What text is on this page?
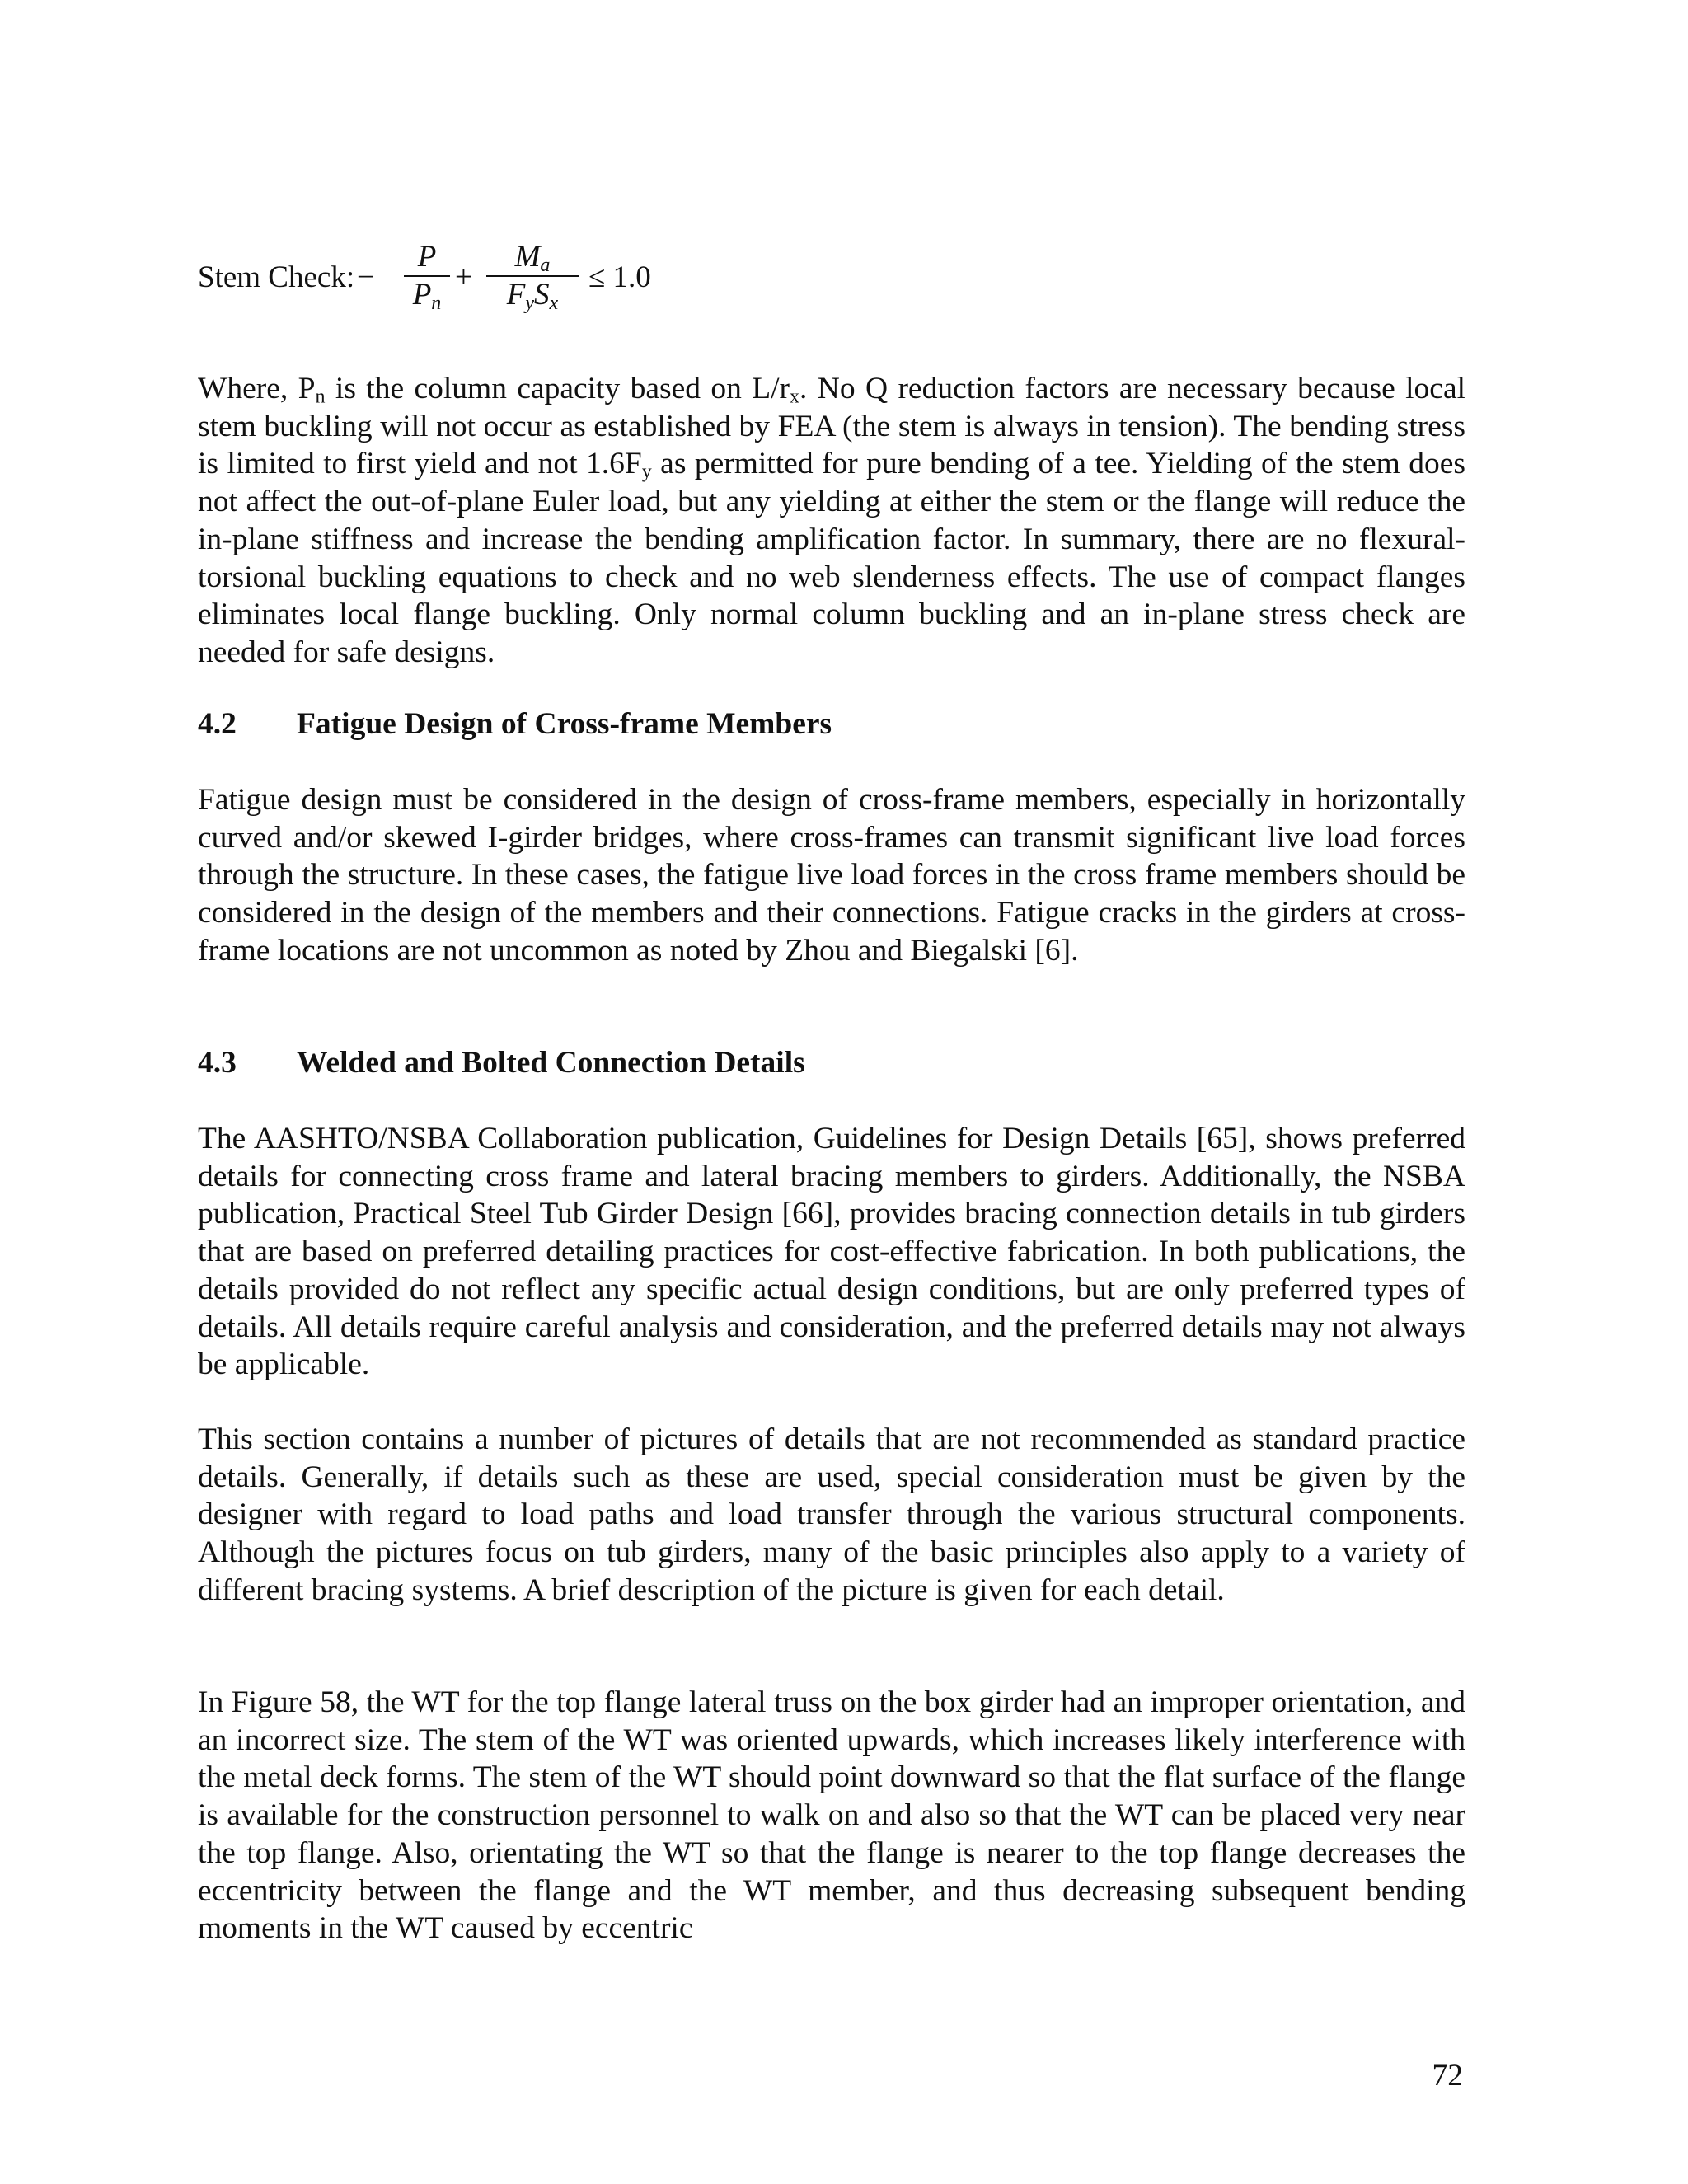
Stem Check: −
P
$P_n$
+
$M_a$
$F_yS_x$
≤ 1.0

Where, $P_n$ is the column capacity based on $L/r_x$. No Q reduction factors are necessary because local stem buckling will not occur as established by FEA (the stem is always in tension). The bending stress is limited to first yield and not $1.6F_y$ as permitted for pure bending of a tee. Yielding of the stem does not affect the out-of-plane Euler load, but any yielding at either the stem or the flange will reduce the in-plane stiffness and increase the bending amplification factor. In summary, there are no flexural-torsional buckling equations to check and no web slenderness effects. The use of compact flanges eliminates local flange buckling. Only normal column buckling and an in-plane stress check are needed for safe designs.

4.2 Fatigue Design of Cross-frame Members

Fatigue design must be considered in the design of cross-frame members, especially in horizontally curved and/or skewed I-girder bridges, where cross-frames can transmit significant live load forces through the structure. In these cases, the fatigue live load forces in the cross frame members should be considered in the design of the members and their connections. Fatigue cracks in the girders at cross-frame locations are not uncommon as noted by Zhou and Biegalski [6].

4.3 Welded and Bolted Connection Details

The AASHTO/NSBA Collaboration publication, Guidelines for Design Details [65], shows preferred details for connecting cross frame and lateral bracing members to girders. Additionally, the NSBA publication, Practical Steel Tub Girder Design [66], provides bracing connection details in tub girders that are based on preferred detailing practices for cost-effective fabrication. In both publications, the details provided do not reflect any specific actual design conditions, but are only preferred types of details. All details require careful analysis and consideration, and the preferred details may not always be applicable.

This section contains a number of pictures of details that are not recommended as standard practice details. Generally, if details such as these are used, special consideration must be given by the designer with regard to load paths and load transfer through the various structural components. Although the pictures focus on tub girders, many of the basic principles also apply to a variety of different bracing systems. A brief description of the picture is given for each detail.

In Figure 58, the WT for the top flange lateral truss on the box girder had an improper orientation, and an incorrect size. The stem of the WT was oriented upwards, which increases likely interference with the metal deck forms. The stem of the WT should point downward so that the flat surface of the flange is available for the construction personnel to walk on and also so that the WT can be placed very near the top flange. Also, orientating the WT so that the flange is nearer to the top flange decreases the eccentricity between the flange and the WT member, and thus decreasing subsequent bending moments in the WT caused by eccentric

72
